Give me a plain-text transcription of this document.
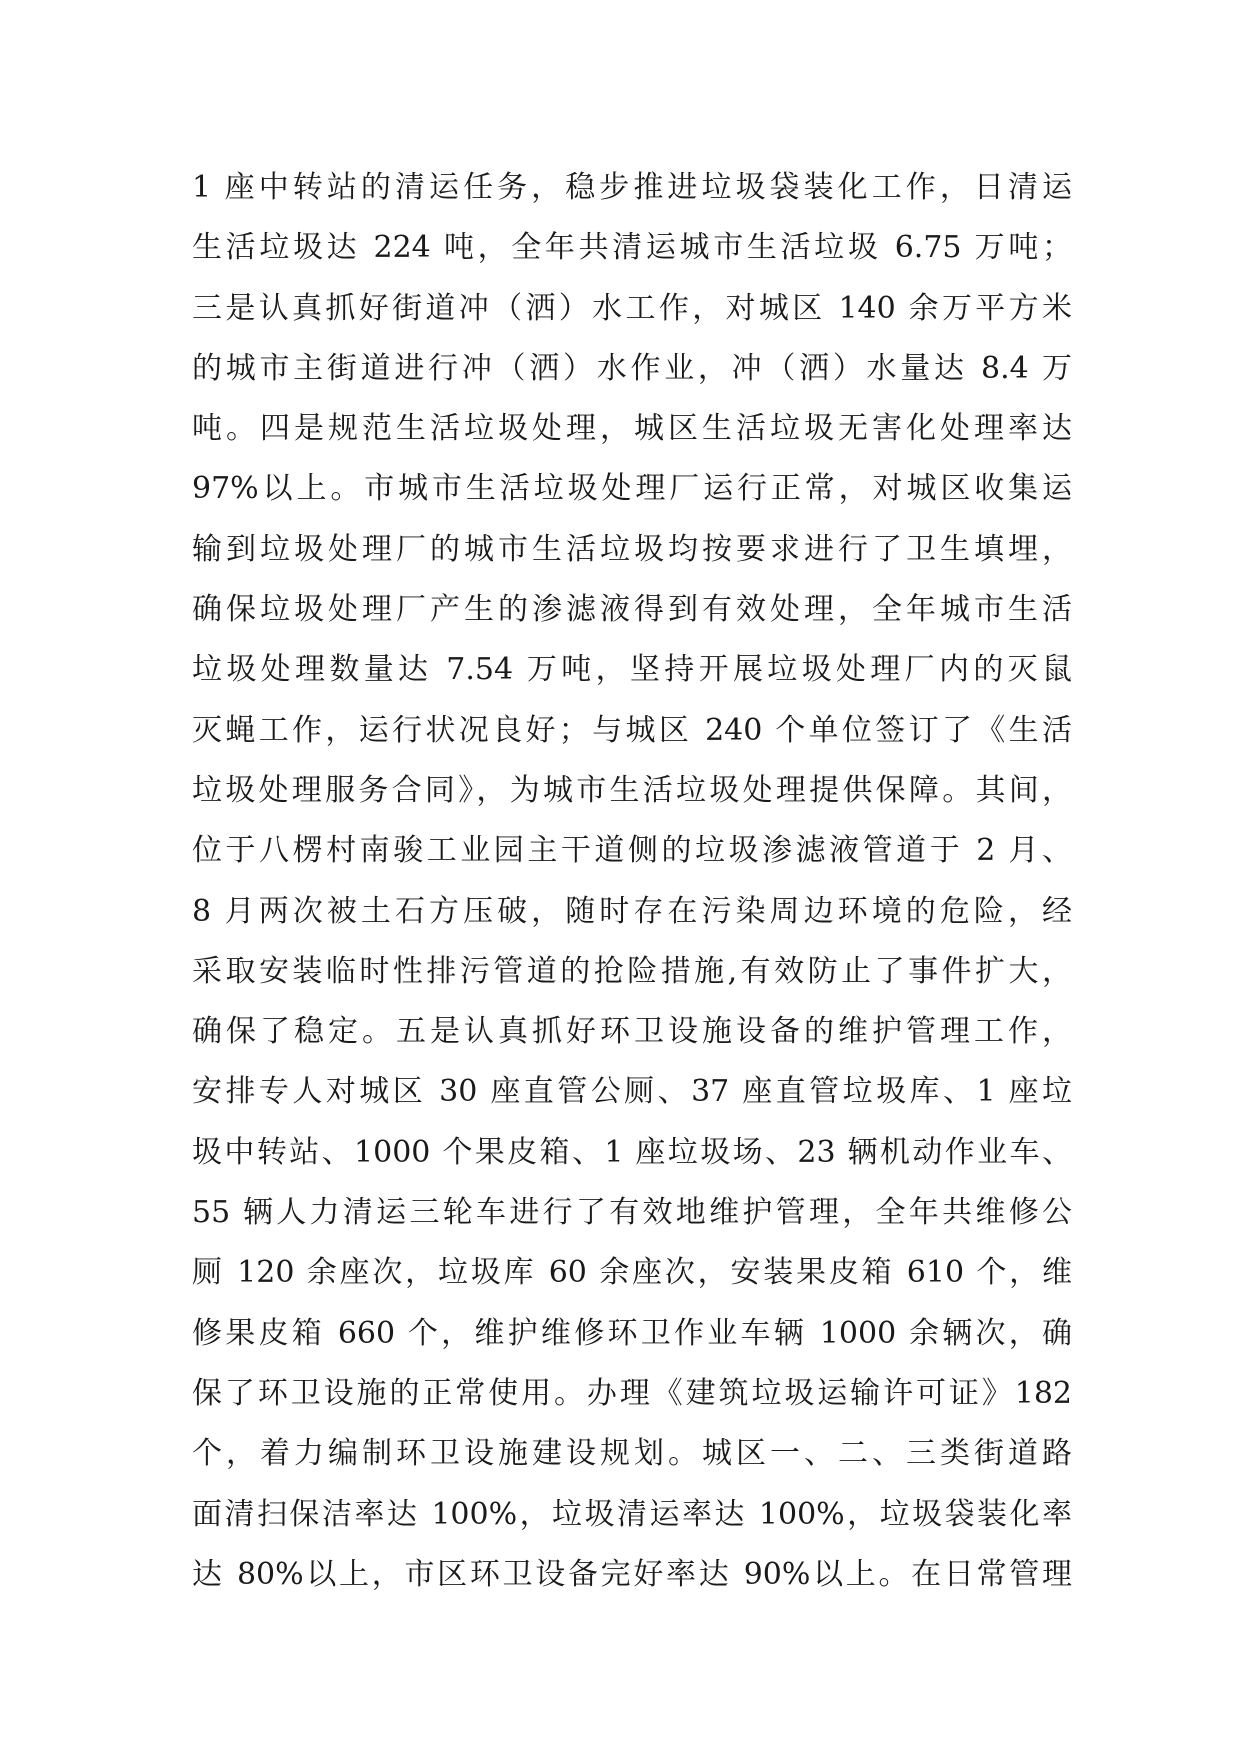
1 座中转站的清运任务，稳步推进垃圾袋装化工作，日清运
生活垃圾达 224 吨，全年共清运城市生活垃圾 6.75 万吨；
三是认真抓好街道冲（洒）水工作，对城区 140 余万平方米
的城市主街道进行冲（洒）水作业，冲（洒）水量达 8.4 万
吨。四是规范生活垃圾处理，城区生活垃圾无害化处理率达
97%以上。市城市生活垃圾处理厂运行正常，对城区收集运
输到垃圾处理厂的城市生活垃圾均按要求进行了卫生填埋，
确保垃圾处理厂产生的渗滤液得到有效处理，全年城市生活
垃圾处理数量达 7.54 万吨，坚持开展垃圾处理厂内的灭鼠
灭蝇工作，运行状况良好；与城区 240 个单位签订了《生活
垃圾处理服务合同》，为城市生活垃圾处理提供保障。其间，
位于八楞村南骏工业园主干道侧的垃圾渗滤液管道于 2 月、
8 月两次被土石方压破，随时存在污染周边环境的危险，经
采取安装临时性排污管道的抢险措施,有效防止了事件扩大，
确保了稳定。五是认真抓好环卫设施设备的维护管理工作，
安排专人对城区 30 座直管公厕、37 座直管垃圾库、1 座垃
圾中转站、1000 个果皮箱、1 座垃圾场、23 辆机动作业车、
55 辆人力清运三轮车进行了有效地维护管理，全年共维修公
厕 120 余座次，垃圾库 60 余座次，安装果皮箱 610 个，维
修果皮箱 660 个，维护维修环卫作业车辆 1000 余辆次，确
保了环卫设施的正常使用。办理《建筑垃圾运输许可证》182
个，着力编制环卫设施建设规划。城区一、二、三类街道路
面清扫保洁率达 100%，垃圾清运率达 100%，垃圾袋装化率
达 80%以上，市区环卫设备完好率达 90%以上。在日常管理
